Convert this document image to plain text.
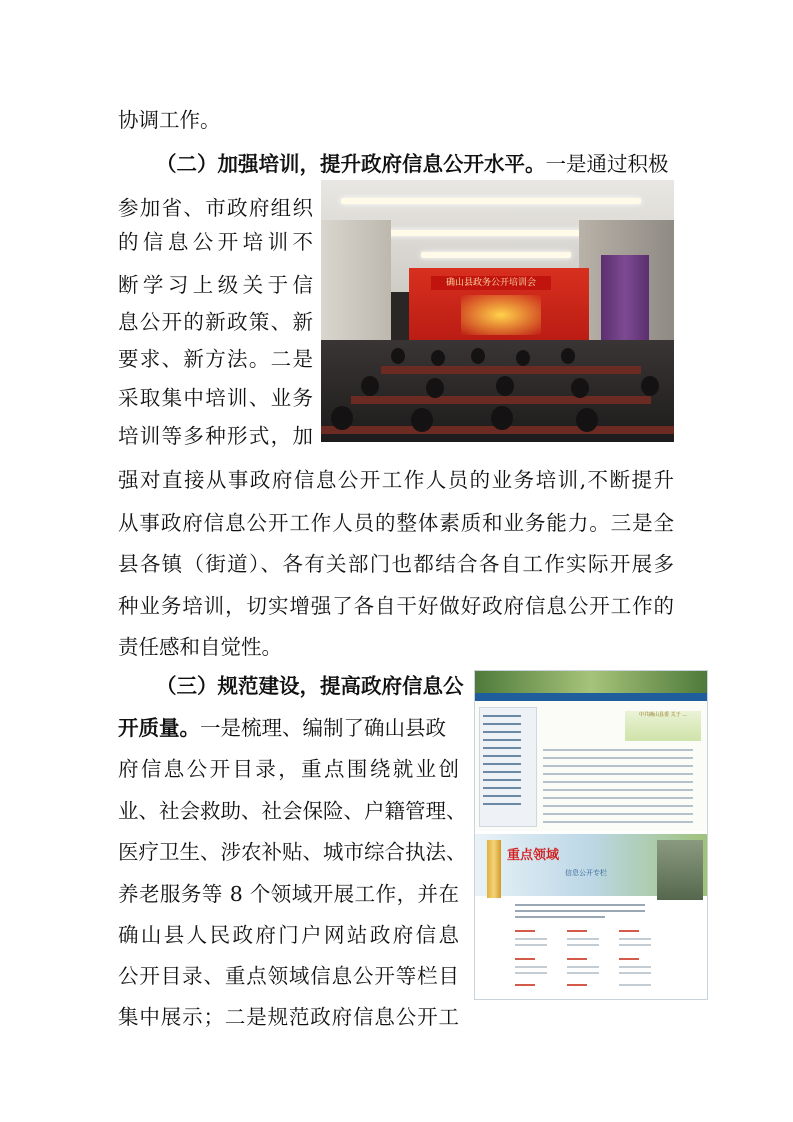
协调工作。
（二）加强培训，提升政府信息公开水平。一是通过积极
参加省、市政府组织
的信息公开培训不
断学习上级关于信
息公开的新政策、新
要求、新方法。二是
采取集中培训、业务
培训等多种形式，加
确山县政务公开培训会
强对直接从事政府信息公开工作人员的业务培训,不断提升
从事政府信息公开工作人员的整体素质和业务能力。三是全
县各镇（街道）、各有关部门也都结合各自工作实际开展多
种业务培训，切实增强了各自干好做好政府信息公开工作的
责任感和自觉性。
（三）规范建设，提高政府信息公
开质量。一是梳理、编制了确山县政
府信息公开目录，重点围绕就业创
业、社会救助、社会保险、户籍管理、
医疗卫生、涉农补贴、城市综合执法、
养老服务等 8 个领域开展工作，并在
确山县人民政府门户网站政府信息
公开目录、重点领域信息公开等栏目
集中展示；二是规范政府信息公开工
中共确山县委 关于 ...
重点领域
信息公开专栏
